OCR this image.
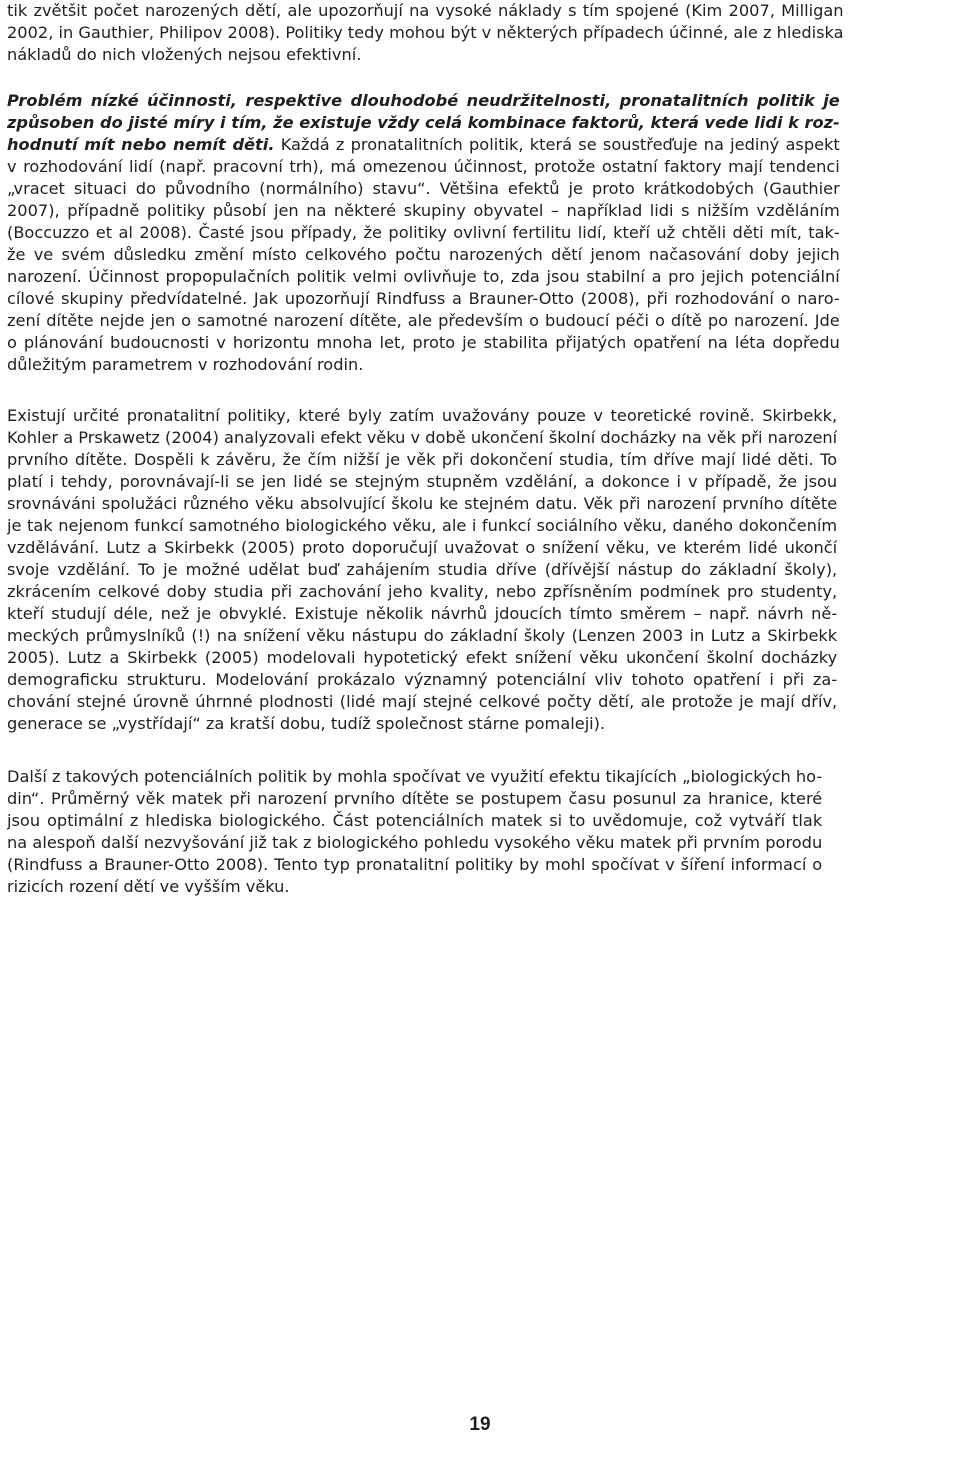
tik zvětšit počet narozených dětí, ale upozorňují na vysoké náklady s tím spojené (Kim 2007, Milligan
2002, in Gauthier, Philipov 2008). Politiky tedy mohou být v některých případech účinné, ale z hlediska
nákladů do nich vložených nejsou efektivní.
Problém nízké účinnosti, respektive dlouhodobé neudržitelnosti, pronatalitních politik je
způsoben do jisté míry i tím, že existuje vždy celá kombinace faktorů, která vede lidi k roz-
hodnutí mít nebo nemít děti. Každá z pronatalitních politik, která se soustřeďuje na jediný aspekt
v rozhodování lidí (např. pracovní trh), má omezenou účinnost, protože ostatní faktory mají tendenci
„vracet situaci do původního (normálního) stavu“. Většina efektů je proto krátkodobých (Gauthier
2007), případně politiky působí jen na některé skupiny obyvatel – například lidi s nižším vzděláním
(Boccuzzo et al 2008). Časté jsou případy, že politiky ovlivní fertilitu lidí, kteří už chtěli děti mít, tak-
že ve svém důsledku změní místo celkového počtu narozených dětí jenom načasování doby jejich
narození. Účinnost propopulačních politik velmi ovlivňuje to, zda jsou stabilní a pro jejich potenciální
cílové skupiny předvídatelné. Jak upozorňují Rindfuss a Brauner-Otto (2008), při rozhodování o naro-
zení dítěte nejde jen o samotné narození dítěte, ale především o budoucí péči o dítě po narození. Jde
o plánování budoucnosti v horizontu mnoha let, proto je stabilita přijatých opatření na léta dopředu
důležitým parametrem v rozhodování rodin.
Existují určité pronatalitní politiky, které byly zatím uvažovány pouze v teoretické rovině. Skirbekk,
Kohler a Prskawetz (2004) analyzovali efekt věku v době ukončení školní docházky na věk při narození
prvního dítěte. Dospěli k závěru, že čím nižší je věk při dokončení studia, tím dříve mají lidé děti. To
platí i tehdy, porovnávají-li se jen lidé se stejným stupněm vzdělání, a dokonce i v případě, že jsou
srovnáváni spolužáci různého věku absolvující školu ke stejném datu. Věk při narození prvního dítěte
je tak nejenom funkcí samotného biologického věku, ale i funkcí sociálního věku, daného dokončením
vzdělávání. Lutz a Skirbekk (2005) proto doporučují uvažovat o snížení věku, ve kterém lidé ukončí
svoje vzdělání. To je možné udělat buď zahájením studia dříve (dřívější nástup do základní školy),
zkrácením celkové doby studia při zachování jeho kvality, nebo zpřísněním podmínek pro studenty,
kteří studují déle, než je obvyklé. Existuje několik návrhů jdoucích tímto směrem – např. návrh ně-
meckých průmyslníků (!) na snížení věku nástupu do základní školy (Lenzen 2003 in Lutz a Skirbekk
2005). Lutz a Skirbekk (2005) modelovali hypotetický efekt snížení věku ukončení školní docházky
demograficku strukturu. Modelování prokázalo významný potenciální vliv tohoto opatření i při za-
chování stejné úrovně úhrnné plodnosti (lidé mají stejné celkové počty dětí, ale protože je mají dřív,
generace se „vystřídají“ za kratší dobu, tudíž společnost stárne pomaleji).
Další z takových potenciálních politik by mohla spočívat ve využití efektu tikajících „biologických ho-
din“. Průměrný věk matek při narození prvního dítěte se postupem času posunul za hranice, které
jsou optimální z hlediska biologického. Část potenciálních matek si to uvědomuje, což vytváří tlak
na alespoň další nezvyšování již tak z biologického pohledu vysokého věku matek při prvním porodu
(Rindfuss a Brauner-Otto 2008). Tento typ pronatalitní politiky by mohl spočívat v šíření informací o
rizicích rození dětí ve vyšším věku.
19
